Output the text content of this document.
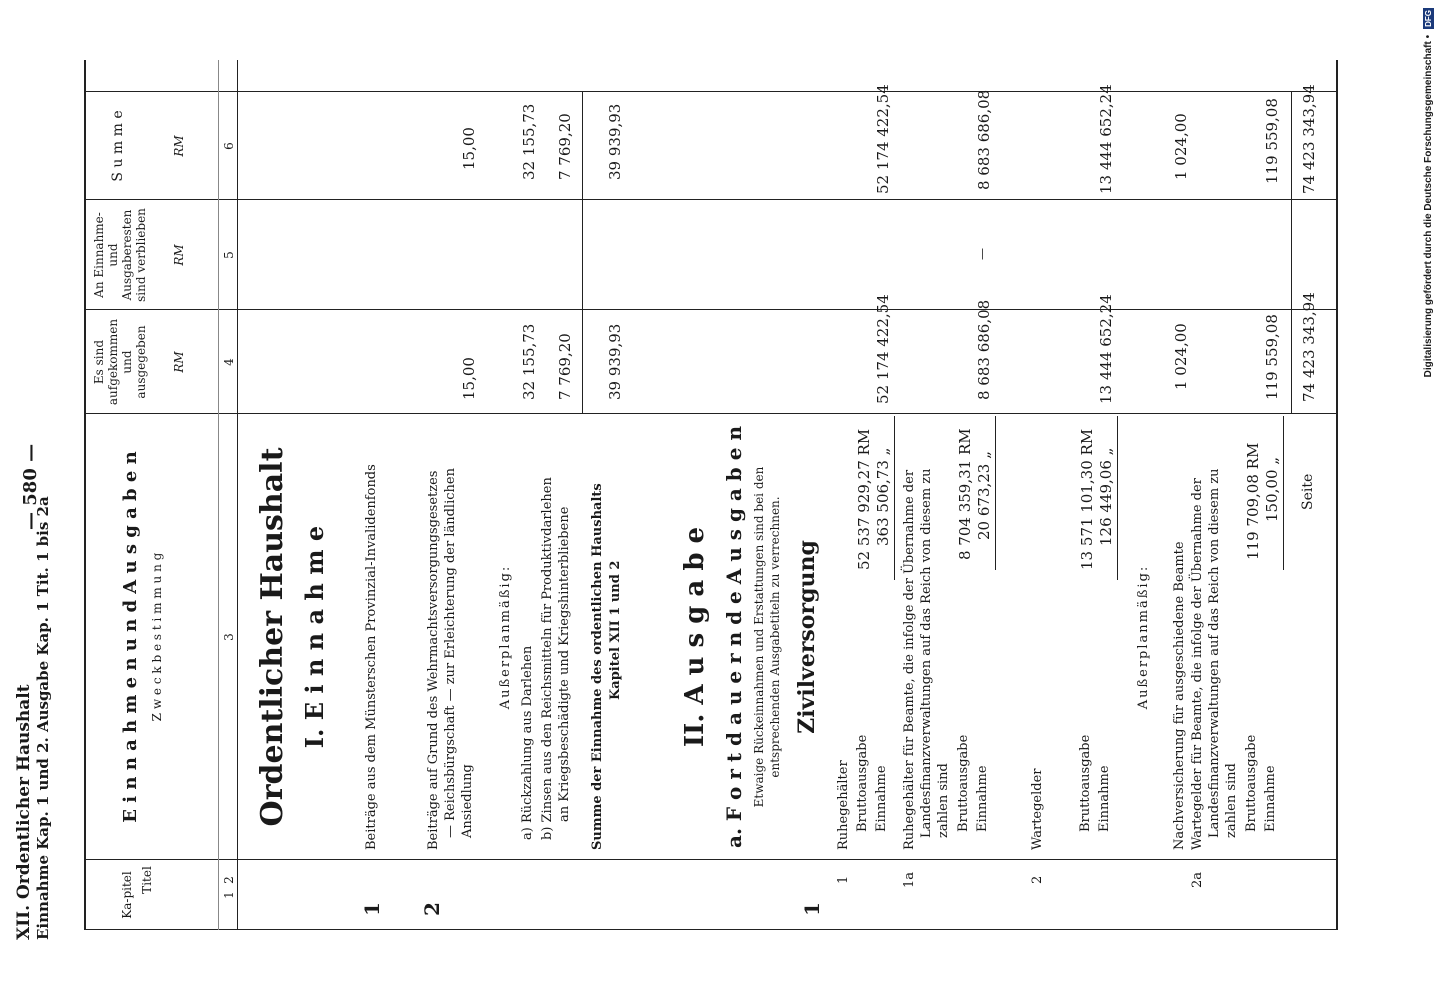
XII. Ordentlicher Haushalt Einnahme Kap. 1 und 2. Ausgabe Kap. 1 Tit. 1 bis 2a
— 580 —
Ka-pitel Titel
E i n n a h m e n u n d A u s g a b e n Z w e c k b e s t i m m u n g
Es sind aufgekommen und ausgegeben
An Einnahme- und Ausgaberesten sind verblieben
S u m m e
RM
RM
RM
1
2
3
4
5
6
Ordentlicher Haushalt I. E i n n a h m e
1
Beiträge aus dem Münsterschen Provinzial-Invalidenfonds
2
Beiträge auf Grund des Wehrmachtsversorgungsgesetzes — Reichsbürgschaft — zur Erleichterung der ländlichen Ansiedlung
15,00
15,00
Außerplanmäßig:
a) Rückzahlung aus Darlehen
32 155,73
32 155,73
b) Zinsen aus den Reichsmitteln für Produktivdarlehen an Kriegsbeschädigte und Kriegshinterbliebene
7 769,20
7 769,20
Summe der Einnahme des ordentlichen Haushalts Kapitel XII 1 und 2
39 939,93
39 939,93
II. A u s g a b e a. F o r t d a u e r n d e A u s g a b e n Etwaige Rückeinnahmen und Erstattungen sind bei den entsprechenden Ausgabetiteln zu verrechnen. Zivilversorgung
1
1
Ruhegehälter Bruttoausgabe
52 537 929,27 RM
Einnahme
363 506,73 „
52 174 422,54
52 174 422,54
1a
Ruhegehälter für Beamte, die infolge der Übernahme der Landesfinanzverwaltungen auf das Reich von diesem zu zahlen sind Bruttoausgabe
8 704 359,31 RM
Einnahme
20 673,23 „
8 683 686,08
—
8 683 686,08
2
Wartegelder	Bruttoausgabe
13 571 101,30 RM
Einnahme
126 449,06 „
13 444 652,24
13 444 652,24
Außerplanmäßig: Nachversicherung für ausgeschiedene Beamte
1 024,00
1 024,00
2a
Wartegelder für Beamte, die infolge der Übernahme der Landesfinanzverwaltungen auf das Reich von diesem zu zahlen sind Bruttoausgabe
119 709,08 RM
Einnahme
150,00 „
119 559,08
119 559,08
Seite
74 423 343,94
74 423 343,94	Digitalisierung gefördert durch die Deutsche Forschungsgemeinschaft •
DFG
